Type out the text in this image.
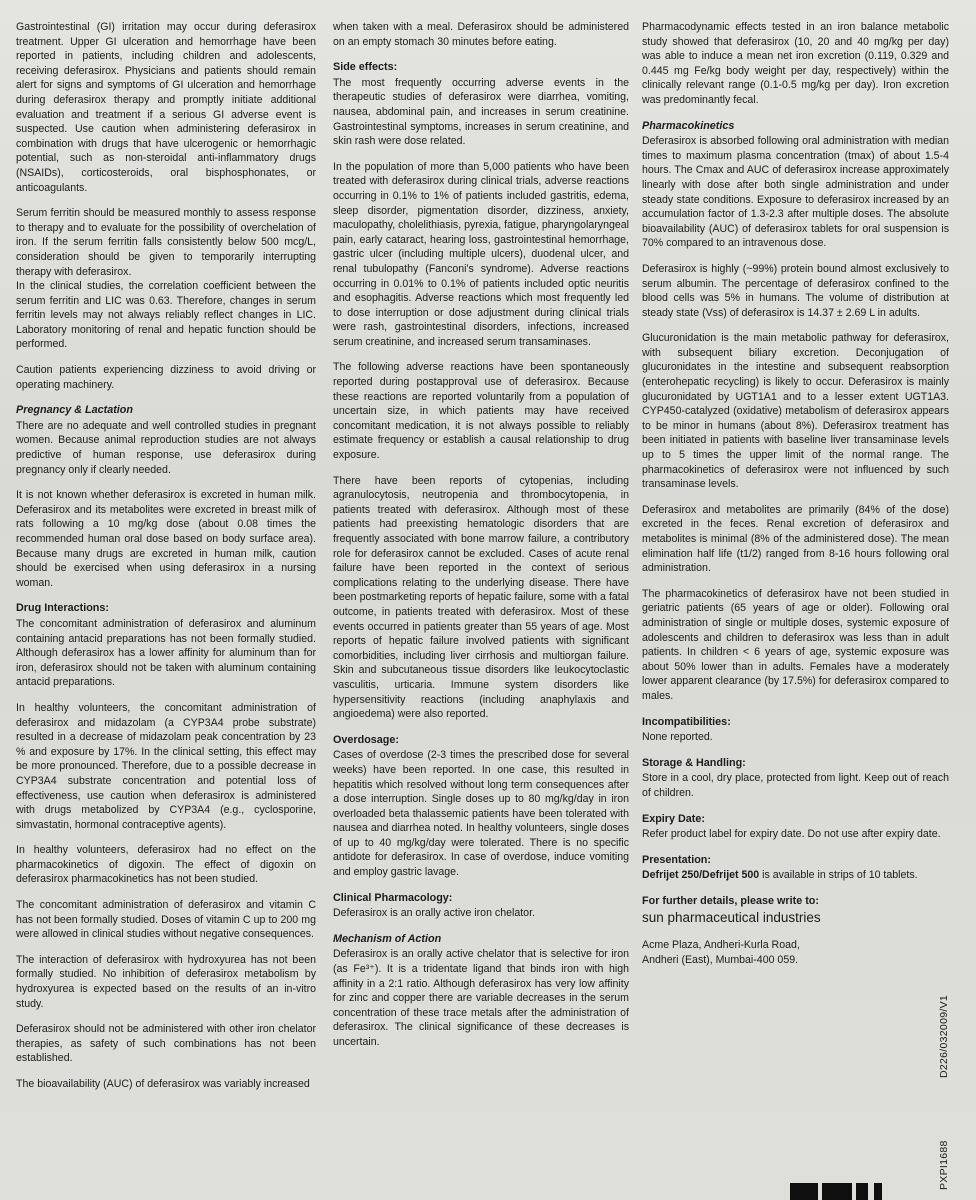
Gastrointestinal (GI) irritation may occur during deferasirox treatment. Upper GI ulceration and hemorrhage have been reported in patients, including children and adolescents, receiving deferasirox. Physicians and patients should remain alert for signs and symptoms of GI ulceration and hemorrhage during deferasirox therapy and promptly initiate additional evaluation and treatment if a serious GI adverse event is suspected. Use caution when administering deferasirox in combination with drugs that have ulcerogenic or hemorrhagic potential, such as non-steroidal anti-inflammatory drugs (NSAIDs), corticosteroids, oral bisphosphonates, or anticoagulants.

Serum ferritin should be measured monthly to assess response to therapy and to evaluate for the possibility of overchelation of iron. If the serum ferritin falls consistently below 500 mcg/L, consideration should be given to temporarily interrupting therapy with deferasirox.

In the clinical studies, the correlation coefficient between the serum ferritin and LIC was 0.63. Therefore, changes in serum ferritin levels may not always reliably reflect changes in LIC. Laboratory monitoring of renal and hepatic function should be performed.

Caution patients experiencing dizziness to avoid driving or operating machinery.

Pregnancy & Lactation

There are no adequate and well controlled studies in pregnant women. Because animal reproduction studies are not always predictive of human response, use deferasirox during pregnancy only if clearly needed.

It is not known whether deferasirox is excreted in human milk. Deferasirox and its metabolites were excreted in breast milk of rats following a 10 mg/kg dose (about 0.08 times the recommended human oral dose based on body surface area). Because many drugs are excreted in human milk, caution should be exercised when using deferasirox in a nursing woman.

Drug Interactions:

The concomitant administration of deferasirox and aluminum containing antacid preparations has not been formally studied. Although deferasirox has a lower affinity for aluminum than for iron, deferasirox should not be taken with aluminum containing antacid preparations.

In healthy volunteers, the concomitant administration of deferasirox and midazolam (a CYP3A4 probe substrate) resulted in a decrease of midazolam peak concentration by 23 % and exposure by 17%. In the clinical setting, this effect may be more pronounced. Therefore, due to a possible decrease in CYP3A4 substrate concentration and potential loss of effectiveness, use caution when deferasirox is administered with drugs metabolized by CYP3A4 (e.g., cyclosporine, simvastatin, hormonal contraceptive agents).

In healthy volunteers, deferasirox had no effect on the pharmacokinetics of digoxin. The effect of digoxin on deferasirox pharmacokinetics has not been studied.

The concomitant administration of deferasirox and vitamin C has not been formally studied. Doses of vitamin C up to 200 mg were allowed in clinical studies without negative consequences.

The interaction of deferasirox with hydroxyurea has not been formally studied. No inhibition of deferasirox metabolism by hydroxyurea is expected based on the results of an in-vitro study.

Deferasirox should not be administered with other iron chelator therapies, as safety of such combinations has not been established.

The bioavailability (AUC) of deferasirox was variably increased

when taken with a meal. Deferasirox should be administered on an empty stomach 30 minutes before eating.

Side effects:

The most frequently occurring adverse events in the therapeutic studies of deferasirox were diarrhea, vomiting, nausea, abdominal pain, and increases in serum creatinine. Gastrointestinal symptoms, increases in serum creatinine, and skin rash were dose related.

In the population of more than 5,000 patients who have been treated with deferasirox during clinical trials, adverse reactions occurring in 0.1% to 1% of patients included gastritis, edema, sleep disorder, pigmentation disorder, dizziness, anxiety, maculopathy, cholelithiasis, pyrexia, fatigue, pharyngolaryngeal pain, early cataract, hearing loss, gastrointestinal hemorrhage, gastric ulcer (including multiple ulcers), duodenal ulcer, and renal tubulopathy (Fanconi's syndrome). Adverse reactions occurring in 0.01% to 0.1% of patients included optic neuritis and esophagitis. Adverse reactions which most frequently led to dose interruption or dose adjustment during clinical trials were rash, gastrointestinal disorders, infections, increased serum creatinine, and increased serum transaminases.

The following adverse reactions have been spontaneously reported during postapproval use of deferasirox. Because these reactions are reported voluntarily from a population of uncertain size, in which patients may have received concomitant medication, it is not always possible to reliably estimate frequency or establish a causal relationship to drug exposure.

There have been reports of cytopenias, including agranulocytosis, neutropenia and thrombocytopenia, in patients treated with deferasirox. Although most of these patients had preexisting hematologic disorders that are frequently associated with bone marrow failure, a contributory role for deferasirox cannot be excluded. Cases of acute renal failure have been reported in the context of serious complications relating to the underlying disease. There have been postmarketing reports of hepatic failure, some with a fatal outcome, in patients treated with deferasirox. Most of these events occurred in patients greater than 55 years of age. Most reports of hepatic failure involved patients with significant comorbidities, including liver cirrhosis and multiorgan failure. Skin and subcutaneous tissue disorders like leukocytoclastic vasculitis, urticaria. Immune system disorders like hypersensitivity reactions (including anaphylaxis and angioedema) were also reported.

Overdosage:

Cases of overdose (2-3 times the prescribed dose for several weeks) have been reported. In one case, this resulted in hepatitis which resolved without long term consequences after a dose interruption. Single doses up to 80 mg/kg/day in iron overloaded beta thalassemic patients have been tolerated with nausea and diarrhea noted. In healthy volunteers, single doses of up to 40 mg/kg/day were tolerated. There is no specific antidote for deferasirox. In case of overdose, induce vomiting and employ gastric lavage.

Clinical Pharmacology:

Deferasirox is an orally active iron chelator.

Mechanism of Action

Deferasirox is an orally active chelator that is selective for iron (as Fe³⁺). It is a tridentate ligand that binds iron with high affinity in a 2:1 ratio. Although deferasirox has very low affinity for zinc and copper there are variable decreases in the serum concentration of these trace metals after the administration of deferasirox. The clinical significance of these decreases is uncertain.

Pharmacodynamic effects tested in an iron balance metabolic study showed that deferasirox (10, 20 and 40 mg/kg per day) was able to induce a mean net iron excretion (0.119, 0.329 and 0.445 mg Fe/kg body weight per day, respectively) within the clinically relevant range (0.1-0.5 mg/kg per day). Iron excretion was predominantly fecal.

Pharmacokinetics

Deferasirox is absorbed following oral administration with median times to maximum plasma concentration (tmax) of about 1.5-4 hours. The Cmax and AUC of deferasirox increase approximately linearly with dose after both single administration and under steady state conditions. Exposure to deferasirox increased by an accumulation factor of 1.3-2.3 after multiple doses. The absolute bioavailability (AUC) of deferasirox tablets for oral suspension is 70% compared to an intravenous dose.

Deferasirox is highly (~99%) protein bound almost exclusively to serum albumin. The percentage of deferasirox confined to the blood cells was 5% in humans. The volume of distribution at steady state (Vss) of deferasirox is 14.37 ± 2.69 L in adults.

Glucuronidation is the main metabolic pathway for deferasirox, with subsequent biliary excretion. Deconjugation of glucuronidates in the intestine and subsequent reabsorption (enterohepatic recycling) is likely to occur. Deferasirox is mainly glucuronidated by UGT1A1 and to a lesser extent UGT1A3. CYP450-catalyzed (oxidative) metabolism of deferasirox appears to be minor in humans (about 8%). Deferasirox treatment has been initiated in patients with baseline liver transaminase levels up to 5 times the upper limit of the normal range. The pharmacokinetics of deferasirox were not influenced by such transaminase levels.

Deferasirox and metabolites are primarily (84% of the dose) excreted in the feces. Renal excretion of deferasirox and metabolites is minimal (8% of the administered dose). The mean elimination half life (t1/2) ranged from 8-16 hours following oral administration.

The pharmacokinetics of deferasirox have not been studied in geriatric patients (65 years of age or older). Following oral administration of single or multiple doses, systemic exposure of adolescents and children to deferasirox was less than in adult patients. In children < 6 years of age, systemic exposure was about 50% lower than in adults. Females have a moderately lower apparent clearance (by 17.5%) for deferasirox compared to males.

Incompatibilities:

None reported.

Storage & Handling:

Store in a cool, dry place, protected from light. Keep out of reach of children.

Expiry Date:

Refer product label for expiry date. Do not use after expiry date.

Presentation:

Defrijet 250/Defrijet 500 is available in strips of 10 tablets.

For further details, please write to:

sun pharmaceutical industries

Acme Plaza, Andheri-Kurla Road,

Andheri (East), Mumbai-400 059.

D226/032009/V1
PXPI1688
